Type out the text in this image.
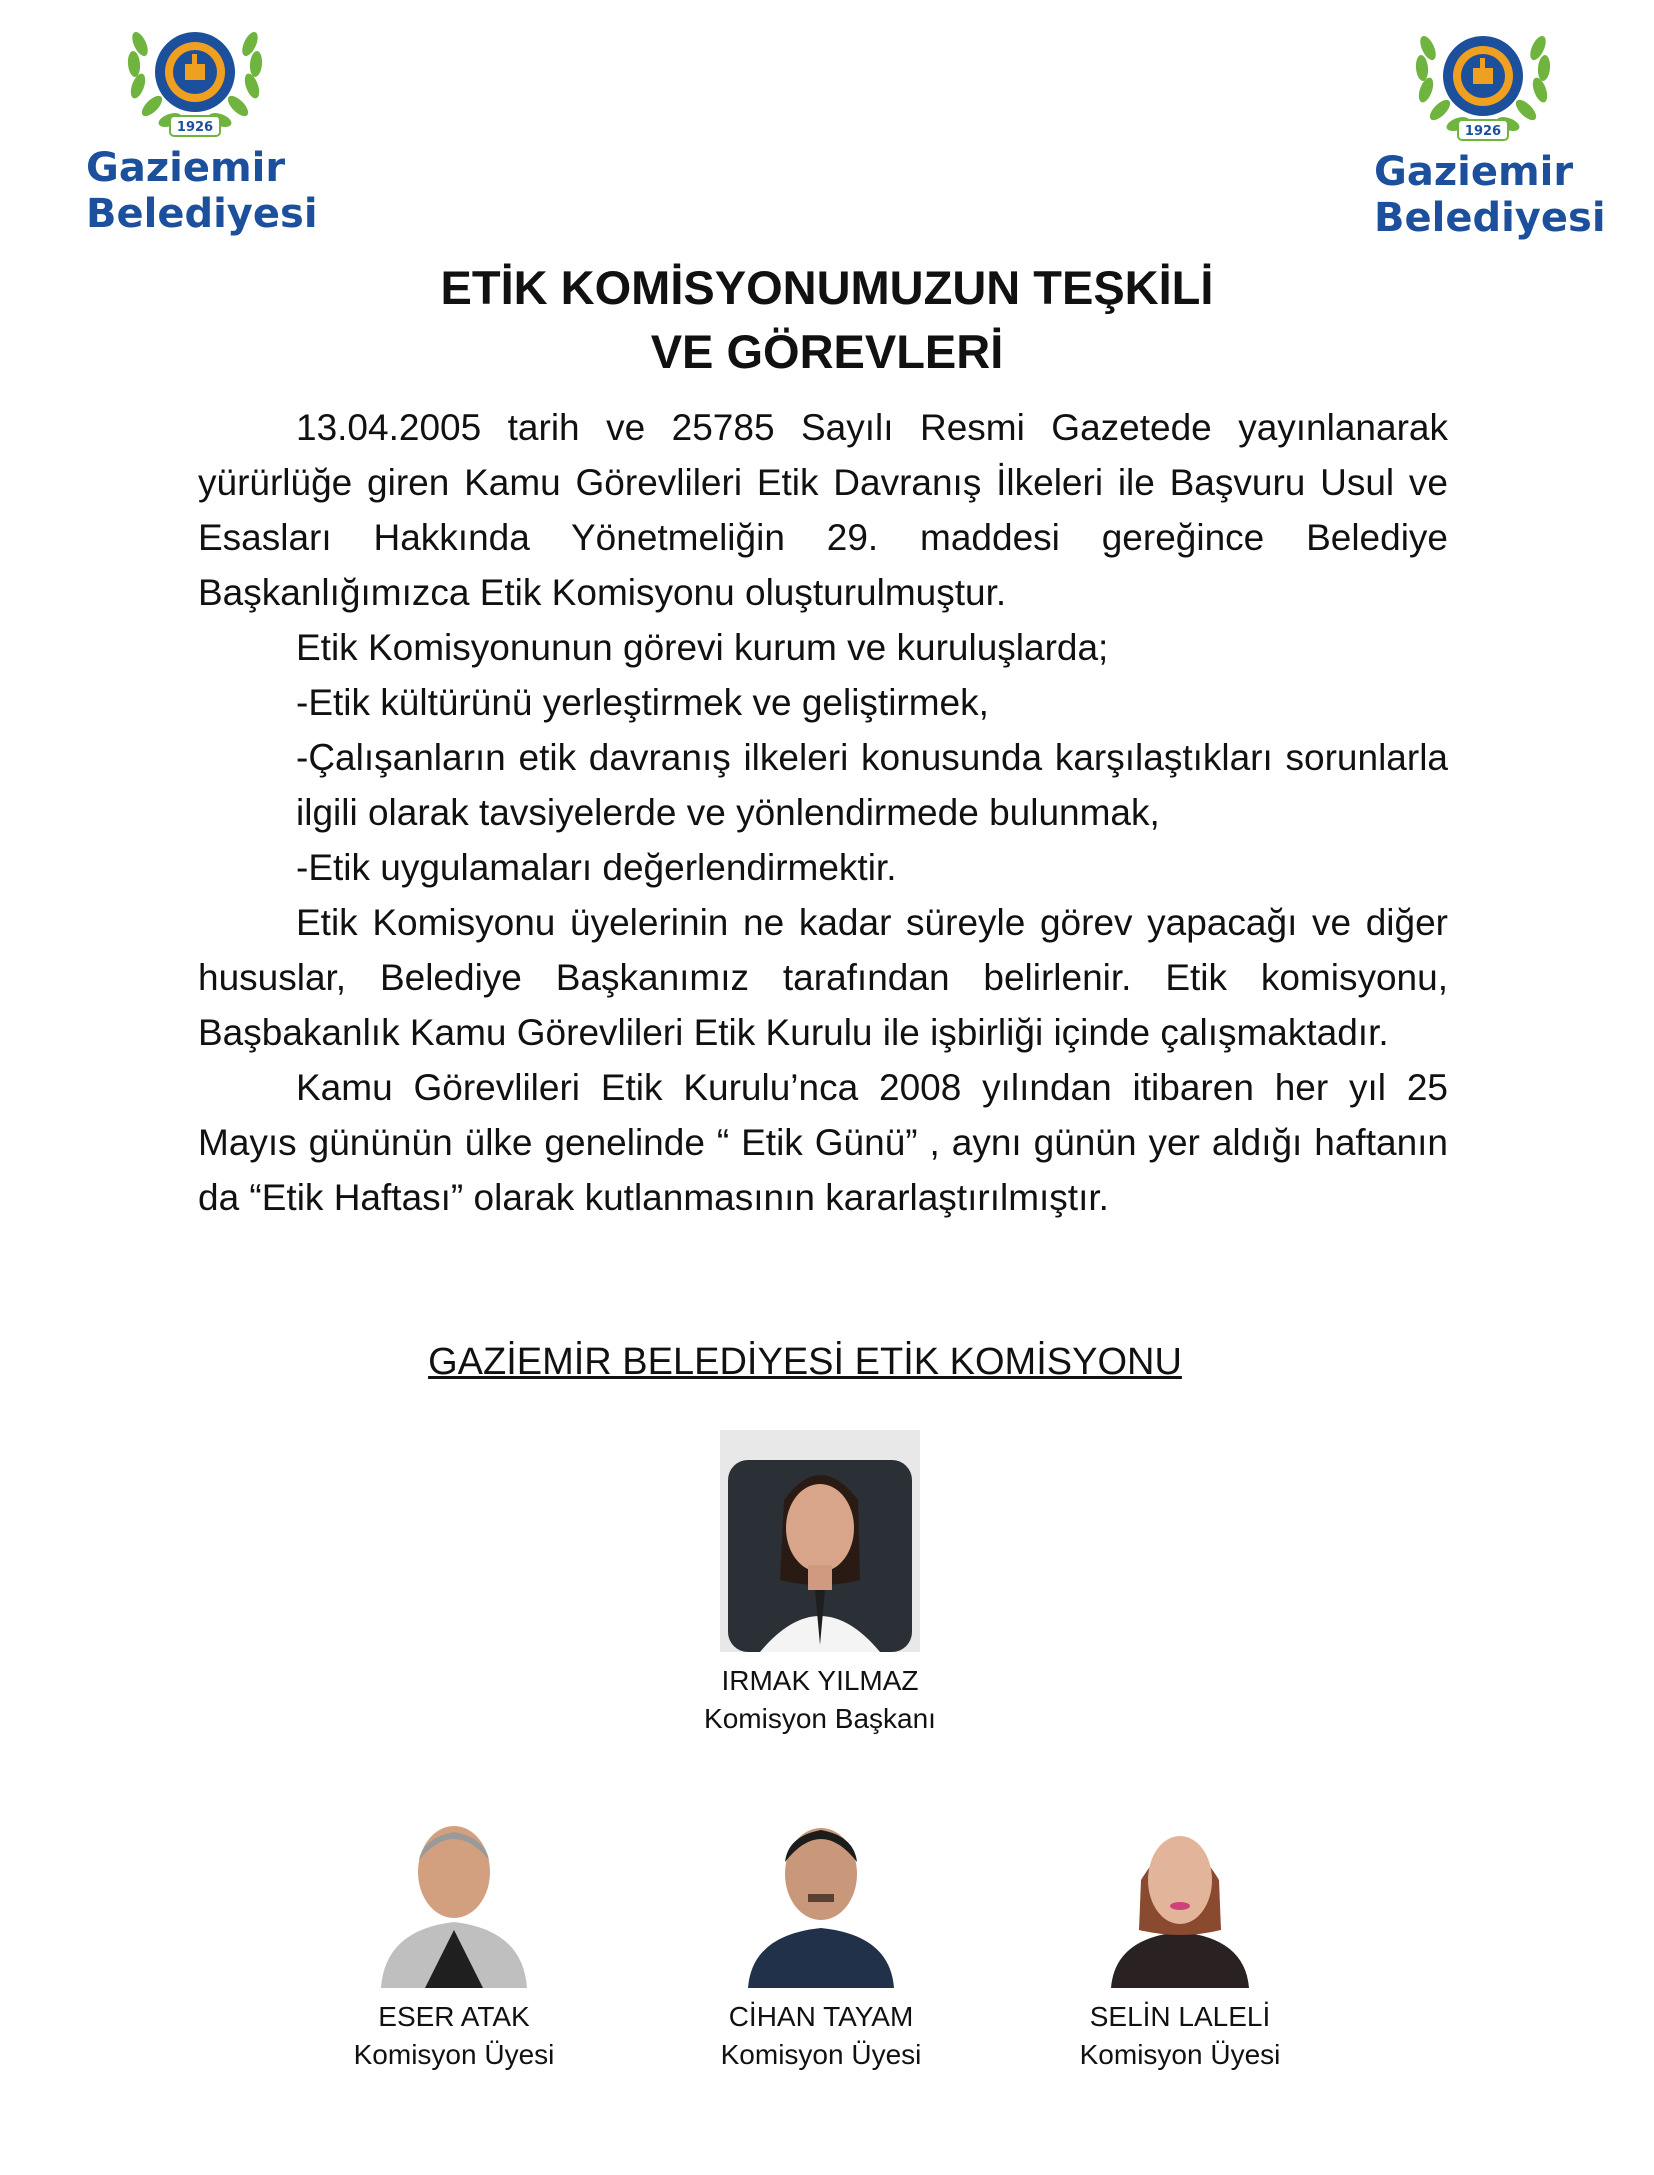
1926
Gaziemir
Belediyesi
1926
Gaziemir
Belediyesi
ETİK KOMİSYONUMUZUN TEŞKİLİ
VE GÖREVLERİ

13.04.2005 tarih ve 25785 Sayılı Resmi Gazetede yayınlanarak yürürlüğe giren Kamu Görevlileri Etik Davranış İlkeleri ile Başvuru Usul ve Esasları Hakkında Yönetmeliğin 29. maddesi gereğince Belediye Başkanlığımızca Etik Komisyonu oluşturulmuştur.

Etik Komisyonunun görevi kurum ve kuruluşlarda;

-Etik kültürünü yerleştirmek ve geliştirmek,

-Çalışanların etik davranış ilkeleri konusunda karşılaştıkları sorunlarla ilgili olarak tavsiyelerde ve yönlendirmede bulunmak,

-Etik uygulamaları değerlendirmektir.

Etik Komisyonu üyelerinin ne kadar süreyle görev yapacağı ve diğer hususlar, Belediye Başkanımız tarafından belirlenir. Etik komisyonu, Başbakanlık Kamu Görevlileri Etik Kurulu ile işbirliği içinde çalışmaktadır.

Kamu Görevlileri Etik Kurulu’nca 2008 yılından itibaren her yıl 25 Mayıs gününün ülke genelinde “ Etik Günü” , aynı günün yer aldığı haftanın da “Etik Haftası” olarak kutlanmasının kararlaştırılmıştır.

GAZİEMİR BELEDİYESİ ETİK KOMİSYONU
IRMAK YILMAZ
Komisyon Başkanı
ESER ATAK
Komisyon Üyesi
CİHAN TAYAM
Komisyon Üyesi
SELİN LALELİ
Komisyon Üyesi
